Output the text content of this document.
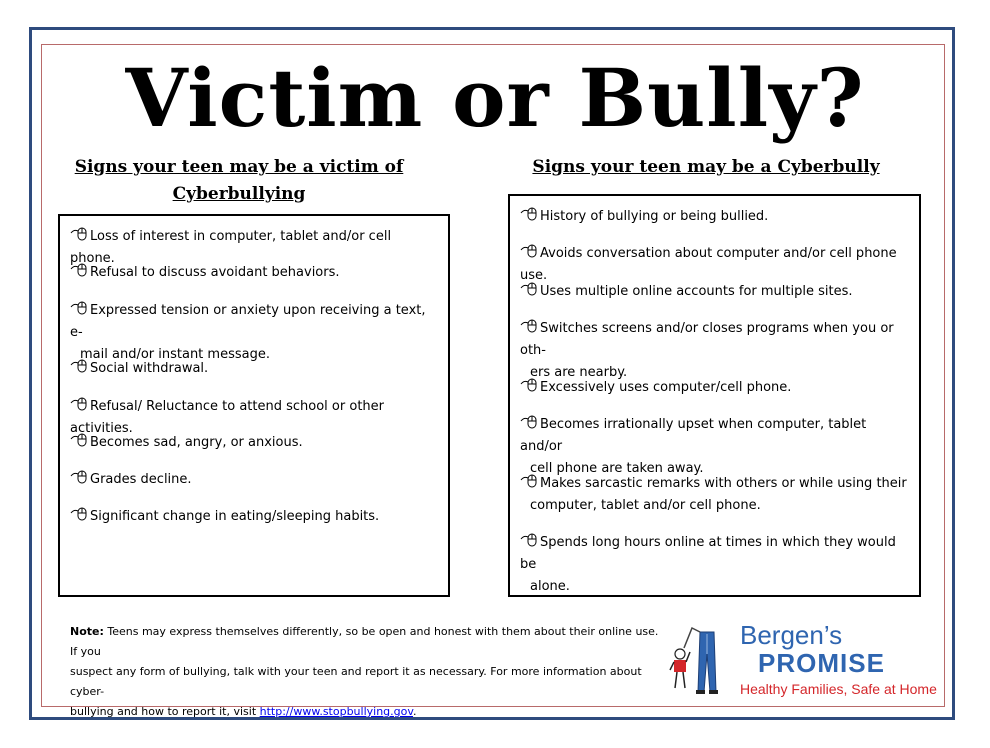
Victim or Bully?
Signs your teen may be a victim of
Cyberbullying
Signs your teen may be a Cyberbully
Loss of interest in computer, tablet and/or cell phone.
Refusal to discuss avoidant behaviors.
Expressed tension or anxiety upon receiving a text, e-
mail and/or instant message.
Social withdrawal.
Refusal/ Reluctance to attend school or other activities.
Becomes sad, angry, or anxious.
Grades decline.
Significant change in eating/sleeping habits.
History of bullying or being bullied.
Avoids conversation about computer and/or cell phone use.
Uses multiple online accounts for multiple sites.
Switches screens and/or closes programs when you or oth-
ers are nearby.
Excessively uses computer/cell phone.
Becomes irrationally upset when computer, tablet and/or
cell phone are taken away.
Makes sarcastic remarks with others or while using their
computer, tablet and/or cell phone.
Spends long hours online at times in which they would be
alone.
Note: Teens may express themselves differently, so be open and honest with them about their online use. If you
suspect any form of bullying, talk with your teen and report it as necessary. For more information about cyber-
bullying and how to report it, visit http://www.stopbullying.gov.
Bergen’s
PROMISE
Healthy Families, Safe at Home
